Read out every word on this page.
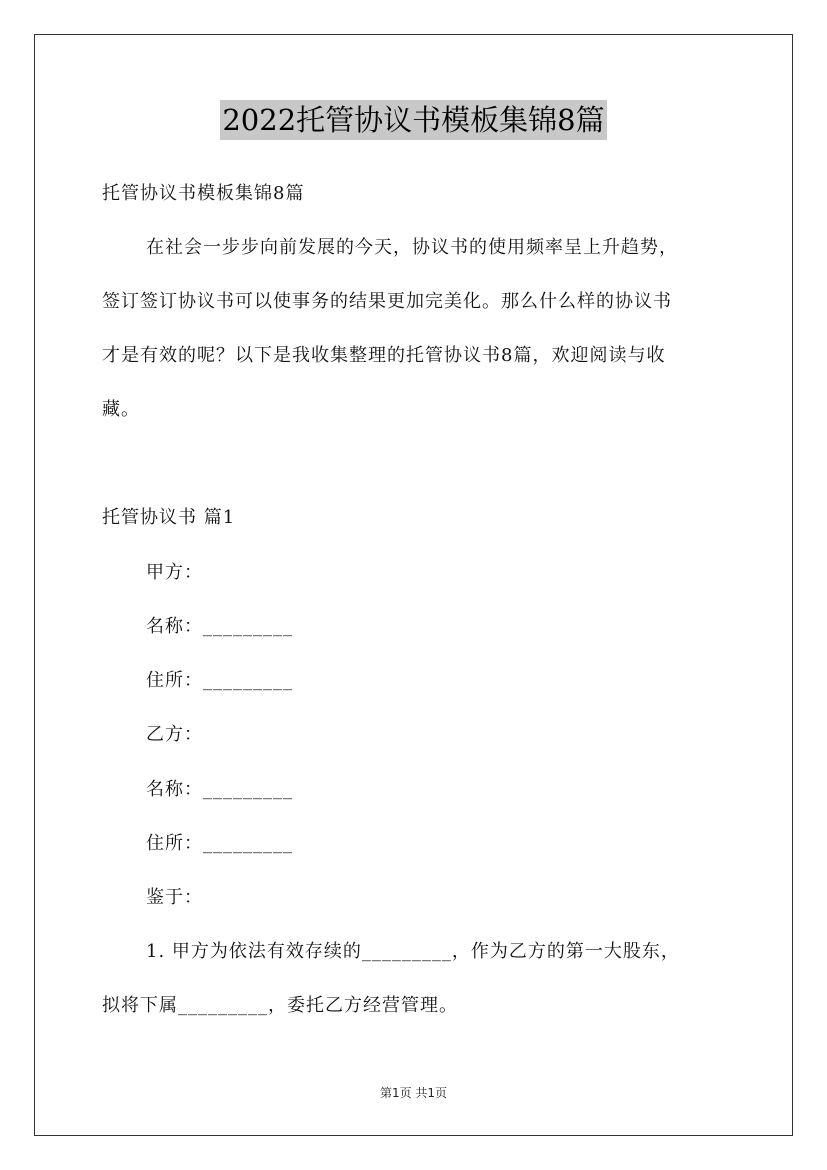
2022托管协议书模板集锦8篇
托管协议书模板集锦8篇
在社会一步步向前发展的今天，协议书的使用频率呈上升趋势，
签订签订协议书可以使事务的结果更加完美化。那么什么样的协议书
才是有效的呢？以下是我收集整理的托管协议书8篇，欢迎阅读与收
藏。
托管协议书 篇1
甲方：
名称：_________
住所：_________
乙方：
名称：_________
住所：_________
鉴于：
1. 甲方为依法有效存续的_________，作为乙方的第一大股东，
拟将下属_________，委托乙方经营管理。
第1页 共1页
